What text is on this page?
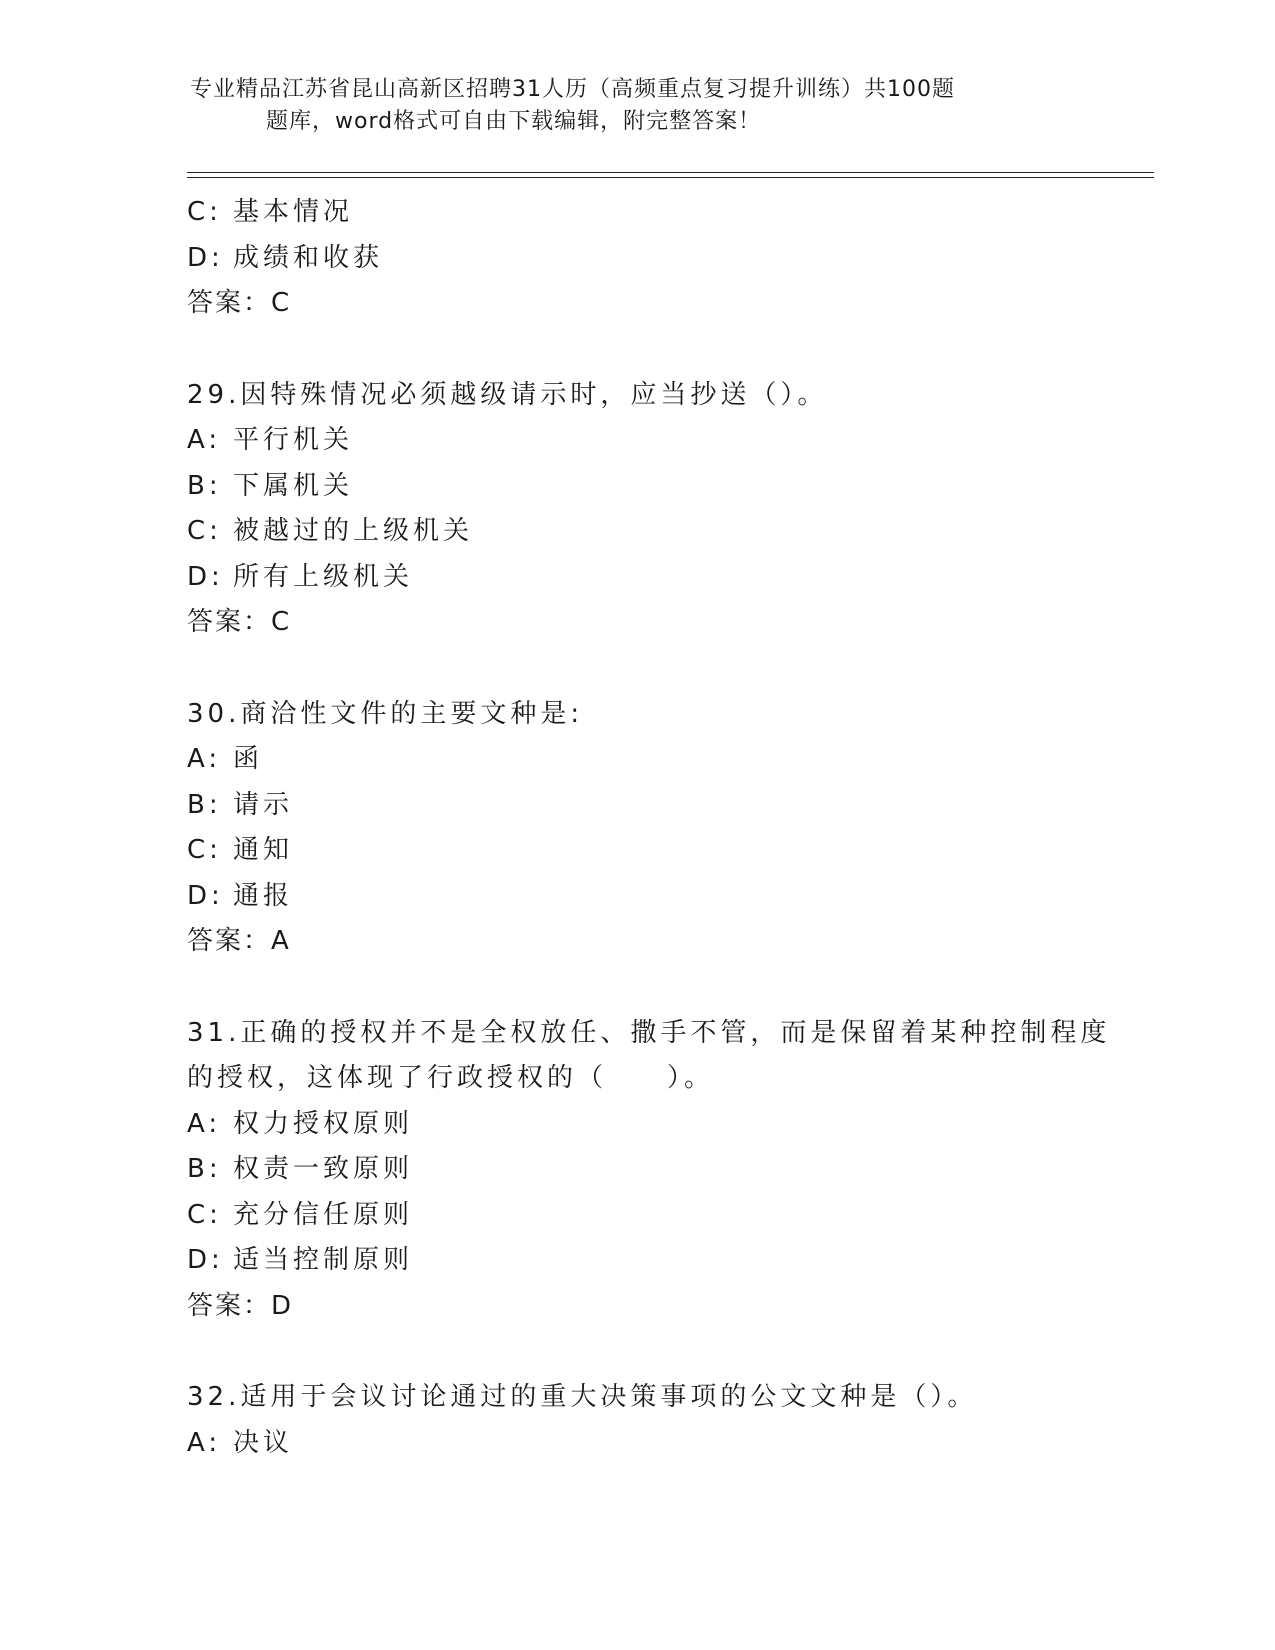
专业精品江苏省昆山高新区招聘31人历（高频重点复习提升训练）共100题
题库，word格式可自由下载编辑，附完整答案！
C: 基本情况
D: 成绩和收获
答案：C
29.因特殊情况必须越级请示时，应当抄送（）。
A: 平行机关
B: 下属机关
C: 被越过的上级机关
D: 所有上级机关
答案：C
30.商洽性文件的主要文种是:
A: 函
B: 请示
C: 通知
D: 通报
答案：A
31.正确的授权并不是全权放任、撒手不管，而是保留着某种控制程度
的授权，这体现了行政授权的（　　）。
A: 权力授权原则
B: 权责一致原则
C: 充分信任原则
D: 适当控制原则
答案：D
32.适用于会议讨论通过的重大决策事项的公文文种是（）。
A: 决议
